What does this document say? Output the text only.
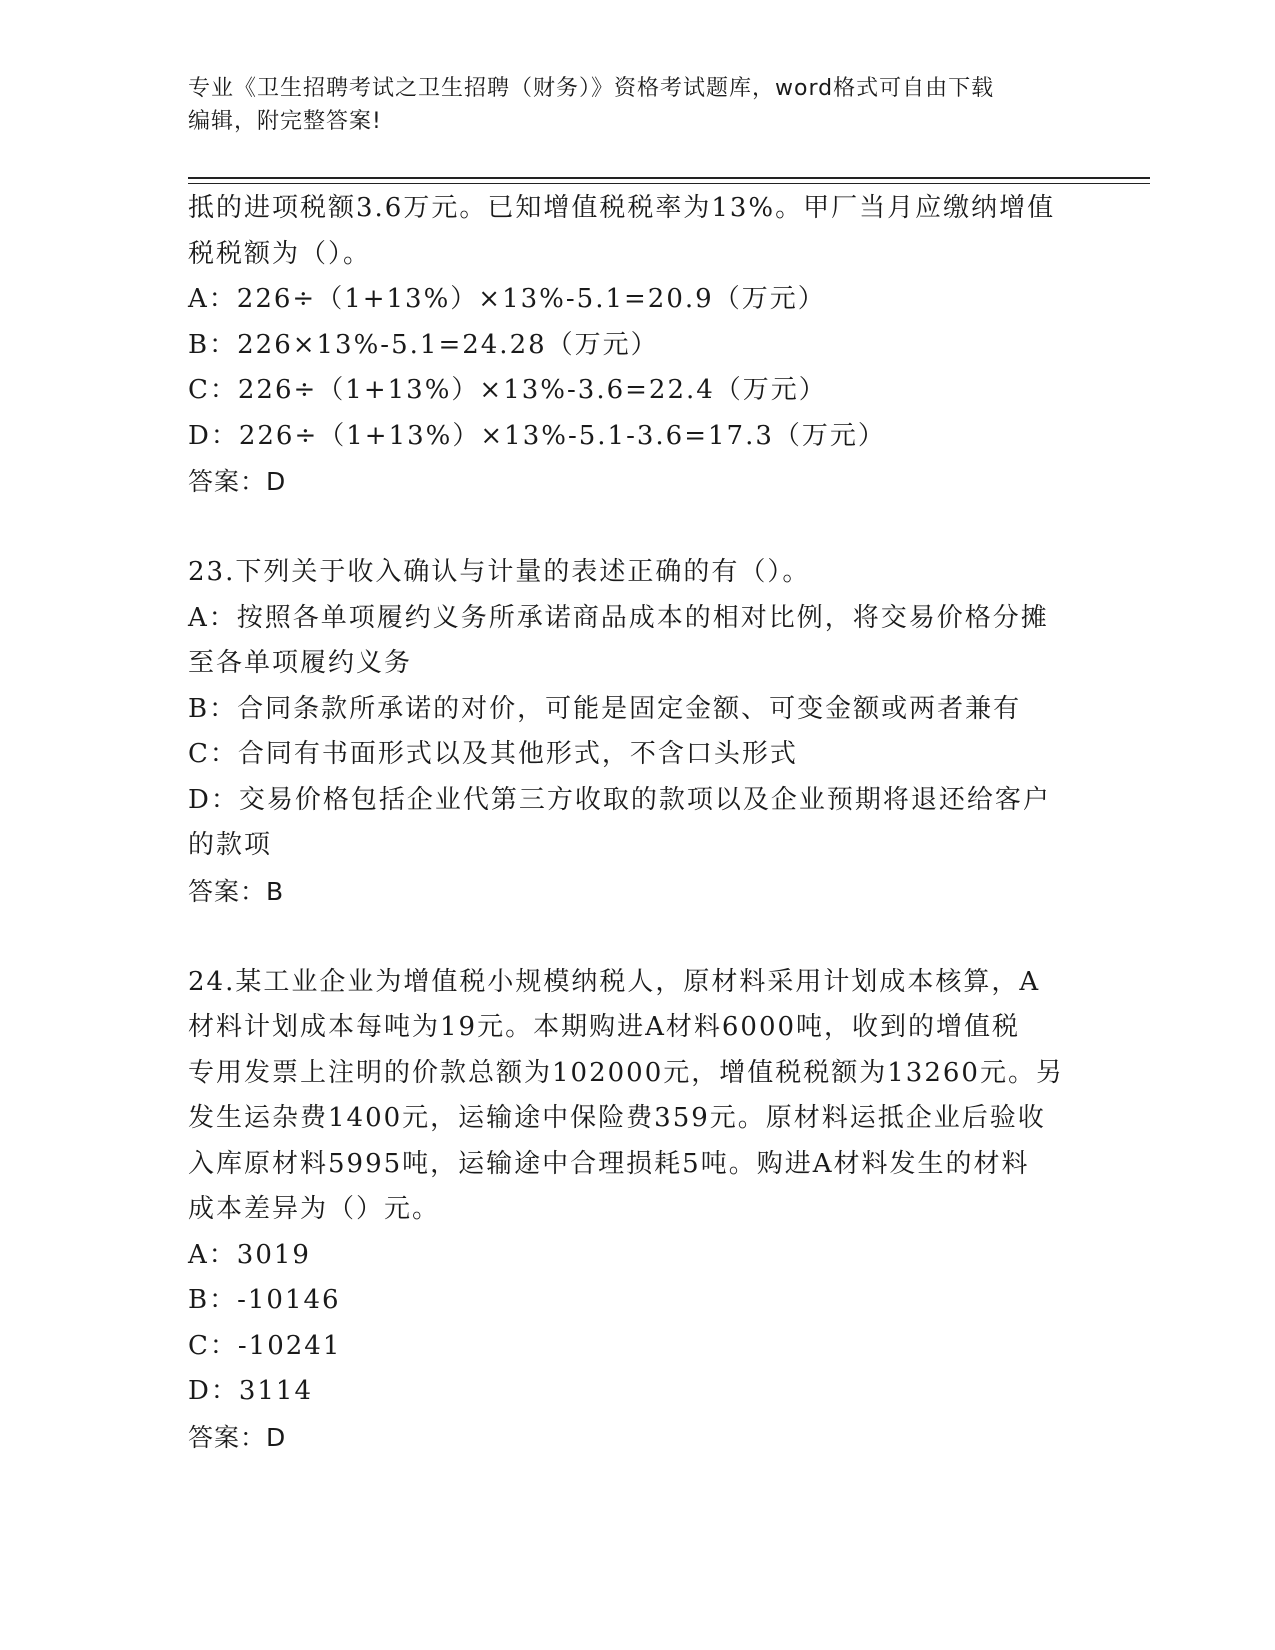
专业《卫生招聘考试之卫生招聘（财务）》资格考试题库，word格式可自由下载
编辑，附完整答案!

抵的进项税额3.6万元。已知增值税税率为13%。甲厂当月应缴纳增值

税税额为（）。

A：226÷（1+13%）×13%-5.1=20.9（万元）

B：226×13%-5.1=24.28（万元）

C：226÷（1+13%）×13%-3.6=22.4（万元）

D：226÷（1+13%）×13%-5.1-3.6=17.3（万元）

答案：D

23.下列关于收入确认与计量的表述正确的有（）。

A：按照各单项履约义务所承诺商品成本的相对比例，将交易价格分摊

至各单项履约义务

B：合同条款所承诺的对价，可能是固定金额、可变金额或两者兼有

C：合同有书面形式以及其他形式，不含口头形式

D：交易价格包括企业代第三方收取的款项以及企业预期将退还给客户

的款项

答案：B

24.某工业企业为增值税小规模纳税人，原材料采用计划成本核算，A

材料计划成本每吨为19元。本期购进A材料6000吨，收到的增值税

专用发票上注明的价款总额为102000元，增值税税额为13260元。另

发生运杂费1400元，运输途中保险费359元。原材料运抵企业后验收

入库原材料5995吨，运输途中合理损耗5吨。购进A材料发生的材料

成本差异为（）元。

A：3019

B：-10146

C：-10241

D：3114

答案：D
